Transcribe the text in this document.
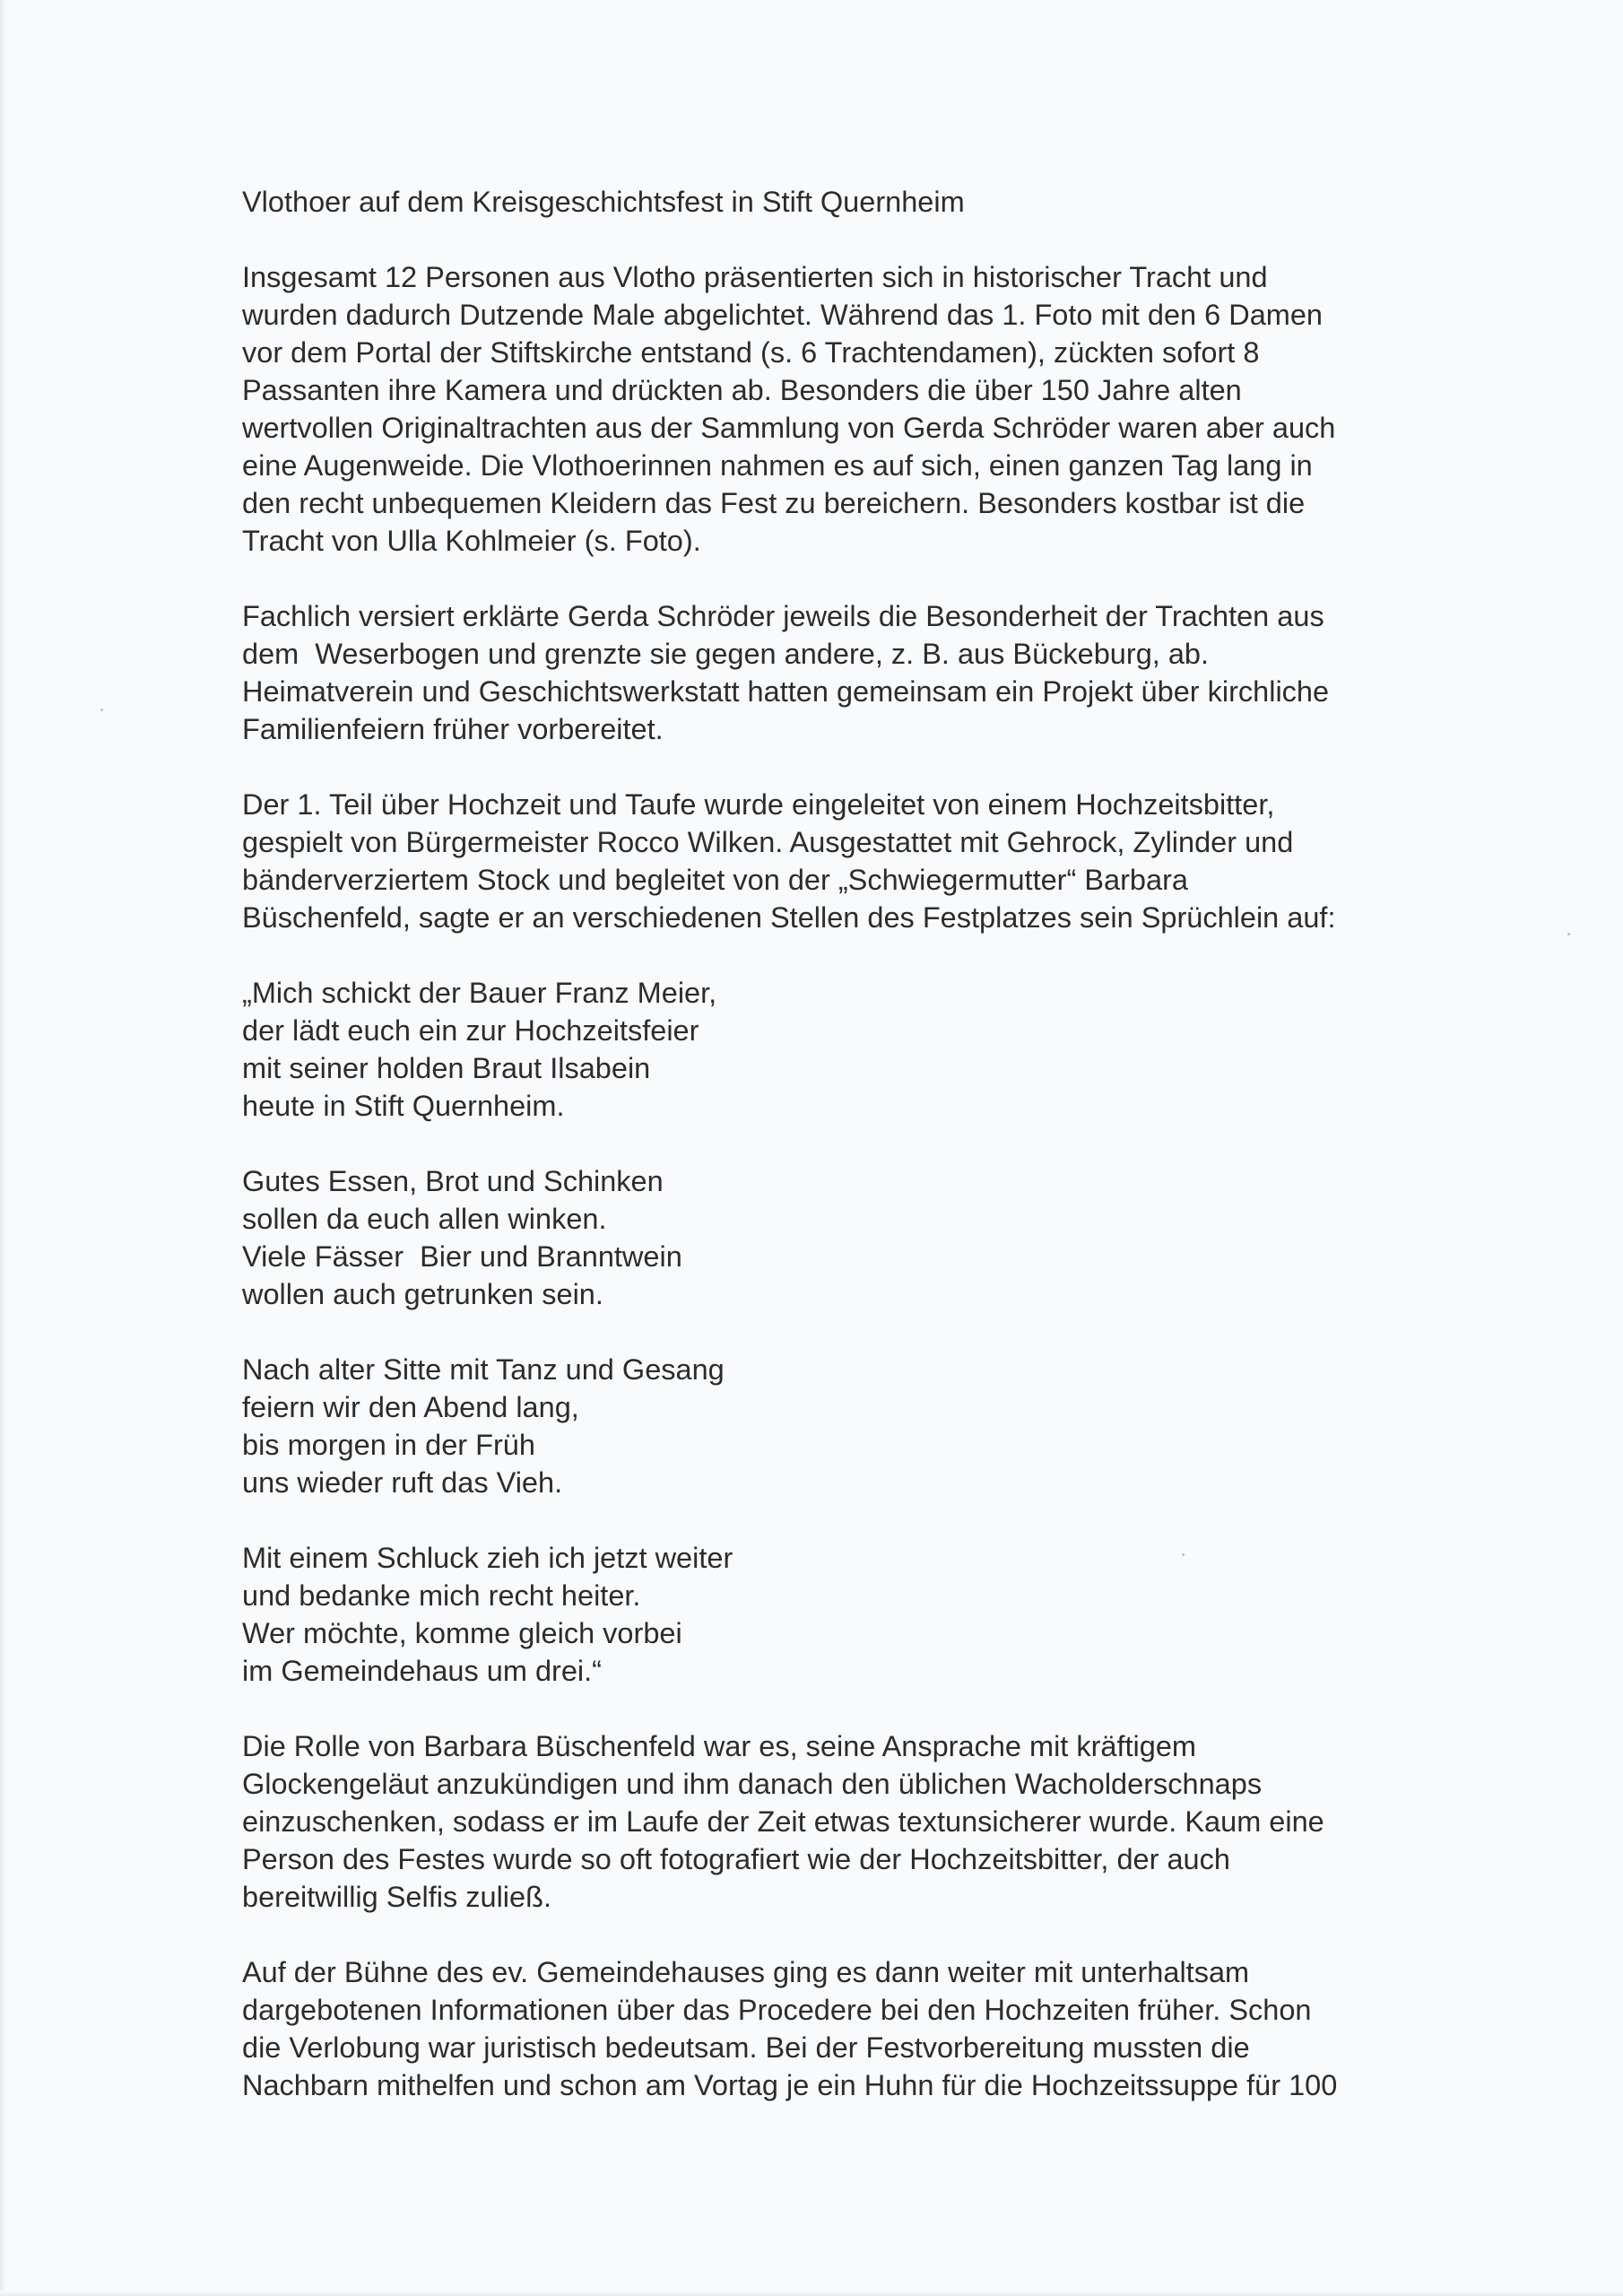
Vlothoer auf dem Kreisgeschichtsfest in Stift Quernheim
Insgesamt 12 Personen aus Vlotho präsentierten sich in historischer Tracht und
wurden dadurch Dutzende Male abgelichtet. Während das 1. Foto mit den 6 Damen
vor dem Portal der Stiftskirche entstand (s. 6 Trachtendamen), zückten sofort 8
Passanten ihre Kamera und drückten ab. Besonders die über 150 Jahre alten
wertvollen Originaltrachten aus der Sammlung von Gerda Schröder waren aber auch
eine Augenweide. Die Vlothoerinnen nahmen es auf sich, einen ganzen Tag lang in
den recht unbequemen Kleidern das Fest zu bereichern. Besonders kostbar ist die
Tracht von Ulla Kohlmeier (s. Foto).
Fachlich versiert erklärte Gerda Schröder jeweils die Besonderheit der Trachten aus
dem  Weserbogen und grenzte sie gegen andere, z. B. aus Bückeburg, ab.
Heimatverein und Geschichtswerkstatt hatten gemeinsam ein Projekt über kirchliche
Familienfeiern früher vorbereitet.
Der 1. Teil über Hochzeit und Taufe wurde eingeleitet von einem Hochzeitsbitter,
gespielt von Bürgermeister Rocco Wilken. Ausgestattet mit Gehrock, Zylinder und
bänderverziertem Stock und begleitet von der „Schwiegermutter“ Barbara
Büschenfeld, sagte er an verschiedenen Stellen des Festplatzes sein Sprüchlein auf:
„Mich schickt der Bauer Franz Meier,
der lädt euch ein zur Hochzeitsfeier
mit seiner holden Braut Ilsabein
heute in Stift Quernheim.
Gutes Essen, Brot und Schinken
sollen da euch allen winken.
Viele Fässer  Bier und Branntwein
wollen auch getrunken sein.
Nach alter Sitte mit Tanz und Gesang
feiern wir den Abend lang,
bis morgen in der Früh
uns wieder ruft das Vieh.
Mit einem Schluck zieh ich jetzt weiter
und bedanke mich recht heiter.
Wer möchte, komme gleich vorbei
im Gemeindehaus um drei.“
Die Rolle von Barbara Büschenfeld war es, seine Ansprache mit kräftigem
Glockengeläut anzukündigen und ihm danach den üblichen Wacholderschnaps
einzuschenken, sodass er im Laufe der Zeit etwas textunsicherer wurde. Kaum eine
Person des Festes wurde so oft fotografiert wie der Hochzeitsbitter, der auch
bereitwillig Selfis zuließ.
Auf der Bühne des ev. Gemeindehauses ging es dann weiter mit unterhaltsam
dargebotenen Informationen über das Procedere bei den Hochzeiten früher. Schon
die Verlobung war juristisch bedeutsam. Bei der Festvorbereitung mussten die
Nachbarn mithelfen und schon am Vortag je ein Huhn für die Hochzeitssuppe für 100
